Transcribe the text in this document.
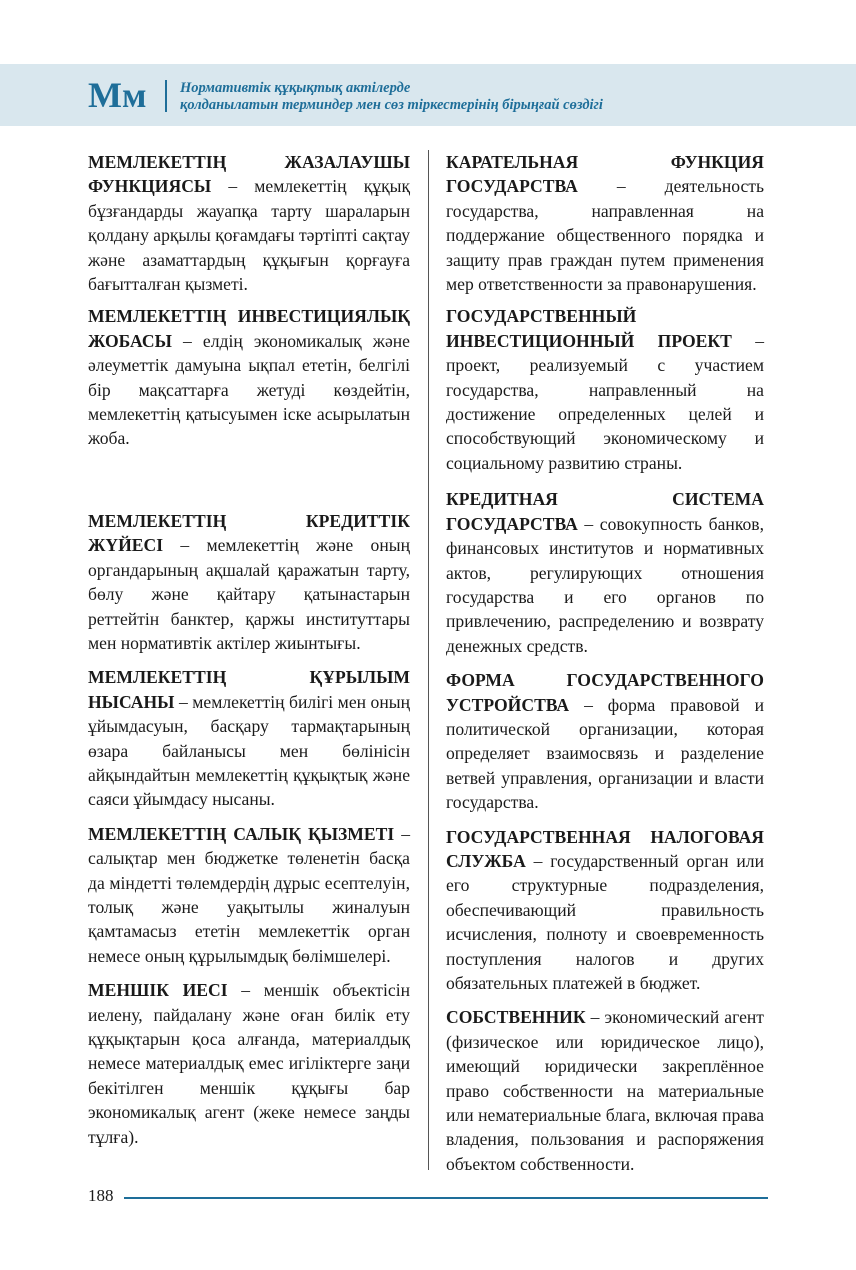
Мм Нормативтік құқықтық актілерде
қолданылатын терминдер мен сөз тіркестерінің бірыңғай сөздігі

МЕМЛЕКЕТТІҢ ЖАЗАЛАУШЫ ФУНКЦИЯСЫ – мемлекеттің құқық бұзғандарды жауапқа тарту шараларын қолдану арқылы қоғамдағы тәртіпті сақтау және азаматтардың құқығын қорғауға бағытталған қызметі.

МЕМЛЕКЕТТІҢ ИНВЕСТИЦИЯЛЫҚ ЖОБАСЫ – елдің экономикалық және әлеуметтік дамуына ықпал ететін, белгілі бір мақсаттарға жетуді көздейтін, мемлекеттің қатысуымен іске асырылатын жоба.

МЕМЛЕКЕТТІҢ КРЕДИТТІК ЖҮЙЕСІ – мемлекеттің және оның органдарының ақшалай қаражатын тарту, бөлу және қайтару қатынастарын реттейтін банктер, қаржы институттары мен нормативтік актілер жиынтығы.

МЕМЛЕКЕТТІҢ ҚҰРЫЛЫМ НЫСАНЫ – мемлекеттің билігі мен оның ұйымдасуын, басқару тармақтарының өзара байланысы мен бөлінісін айқындайтын мемлекеттің құқықтық және саяси ұйымдасу нысаны.

МЕМЛЕКЕТТІҢ САЛЫҚ ҚЫЗМЕТІ – салықтар мен бюджетке төленетін басқа да міндетті төлемдердің дұрыс есептелуін, толық және уақытылы жиналуын қамтамасыз ететін мемлекеттік орган немесе оның құрылымдық бөлімшелері.

МЕНШІК ИЕСІ – меншік объектісін иелену, пайдалану және оған билік ету құқықтарын қоса алғанда, материалдық немесе материалдық емес игіліктерге заңи бекітілген меншік құқығы бар экономикалық агент (жеке немесе заңды тұлға).

КАРАТЕЛЬНАЯ ФУНКЦИЯ ГОСУДАРСТВА – деятельность государства, направленная на поддержание общественного порядка и защиту прав граждан путем применения мер ответственности за правонарушения.

ГОСУДАРСТВЕННЫЙ ИНВЕСТИЦИОННЫЙ ПРОЕКТ – проект, реализуемый с участием государства, направленный на достижение определенных целей и способствующий экономическому и социальному развитию страны.

КРЕДИТНАЯ СИСТЕМА ГОСУДАРСТВА – совокупность банков, финансовых институтов и нормативных актов, регулирующих отношения государства и его органов по привлечению, распределению и возврату денежных средств.

ФОРМА ГОСУДАРСТВЕННОГО УСТРОЙСТВА – форма правовой и политической организации, которая определяет взаимосвязь и разделение ветвей управления, организации и власти государства.

ГОСУДАРСТВЕННАЯ НАЛОГОВАЯ СЛУЖБА – государственный орган или его структурные подразделения, обеспечивающий правильность исчисления, полноту и своевременность поступления налогов и других обязательных платежей в бюджет.

СОБСТВЕННИК – экономический агент (физическое или юридическое лицо), имеющий юридически закреплённое право собственности на материальные или нематериальные блага, включая права владения, пользования и распоряжения объектом собственности.

188
